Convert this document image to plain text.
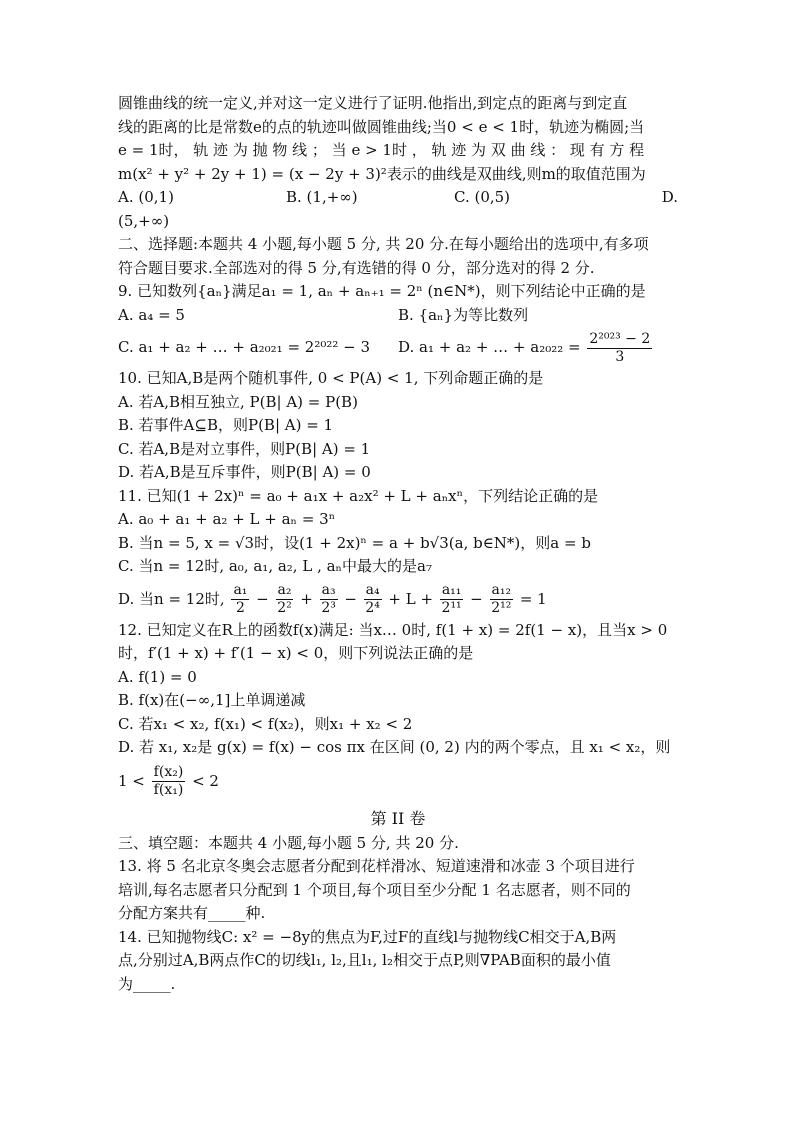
圆锥曲线的统一定义,并对这一定义进行了证明.他指出,到定点的距离与到定直

线的距离的比是常数e的点的轨迹叫做圆锥曲线;当0 < e < 1时，轨迹为椭圆;当

e = 1时， 轨 迹 为 抛 物 线 ； 当 e > 1时 ， 轨 迹 为 双 曲 线 ： 现 有 方 程

m(x² + y² + 2y + 1) = (x − 2y + 3)²表示的曲线是双曲线,则m的取值范围为

A. (0,1)	B. (1,+∞)	C. (0,5)	D.

(5,+∞)

二、选择题:本题共 4 小题,每小题 5 分, 共 20 分.在每小题给出的选项中,有多项

符合题目要求.全部选对的得 5 分,有选错的得 0 分，部分选对的得 2 分.

9. 已知数列{aₙ}满足a₁ = 1, aₙ + aₙ₊₁ = 2ⁿ (n∈N*)，则下列结论中正确的是

A. a₄ = 5	B. {aₙ}为等比数列
C. a₁ + a₂ + … + a₂₀₂₁ = 2²⁰²² − 3	D. a₁ + a₂ + … + $a_{2022} = \frac{\text{2²⁰²³ − 2}}{3}$

10. 已知A,B是两个随机事件, 0 < P(A) < 1, 下列命题正确的是

A. 若A,B相互独立, P(B| A) = P(B)

B. 若事件A⊆B，则P(B| A) = 1

C. 若A,B是对立事件，则P(B| A) = 1

D. 若A,B是互斥事件，则P(B| A) = 0

11. 已知(1 + 2x)ⁿ = a₀ + a₁x + a₂x² + L + aₙxⁿ，下列结论正确的是

A. a₀ + a₁ + a₂ + L + aₙ = 3ⁿ

B. 当n = 5, x = √3时，设(1 + 2x)ⁿ = a + b√3(a, b∈N*)，则a = b

C. 当n = 12时, a₀, a₁, a₂, L , aₙ中最大的是a₇

D. 当n = 12时, $\frac{\text{a₁}}{2} - \frac{\text{a₂}}{\text{2²}} + \frac{\text{a₃}}{\text{2³}} - \frac{\text{a₄}}{\text{2⁴}} + L + \frac{\text{a₁₁}}{\text{2¹¹}} - \frac{\text{a₁₂}}{\text{2¹²}} = 1$

12. 已知定义在R上的函数f(x)满足: 当x… 0时, f(1 + x) = 2f(1 − x)，且当x > 0

时，f′(1 + x) + f′(1 − x) < 0，则下列说法正确的是

A. f(1) = 0

B. f(x)在(−∞,1]上单调递减

C. 若x₁ < x₂, f(x₁) < f(x₂)，则x₁ + x₂ < 2

D. 若 x₁, x₂是 g(x) = f(x) − cos πx 在区间 (0, 2) 内的两个零点，且 x₁ < x₂，则

$1 < \frac{\text{f(x₂)}}{\text{f(x₁)}} < 2$

第 II 卷

三、填空题：本题共 4 小题,每小题 5 分, 共 20 分.

13. 将 5 名北京冬奥会志愿者分配到花样滑冰、短道速滑和冰壶 3 个项目进行

培训,每名志愿者只分配到 1 个项目,每个项目至少分配 1 名志愿者，则不同的

分配方案共有_____种.

14. 已知抛物线C: x² = −8y的焦点为F,过F的直线l与抛物线C相交于A,B两

点,分别过A,B两点作C的切线l₁, l₂,且l₁, l₂相交于点P,则∇PAB面积的最小值

为_____.
